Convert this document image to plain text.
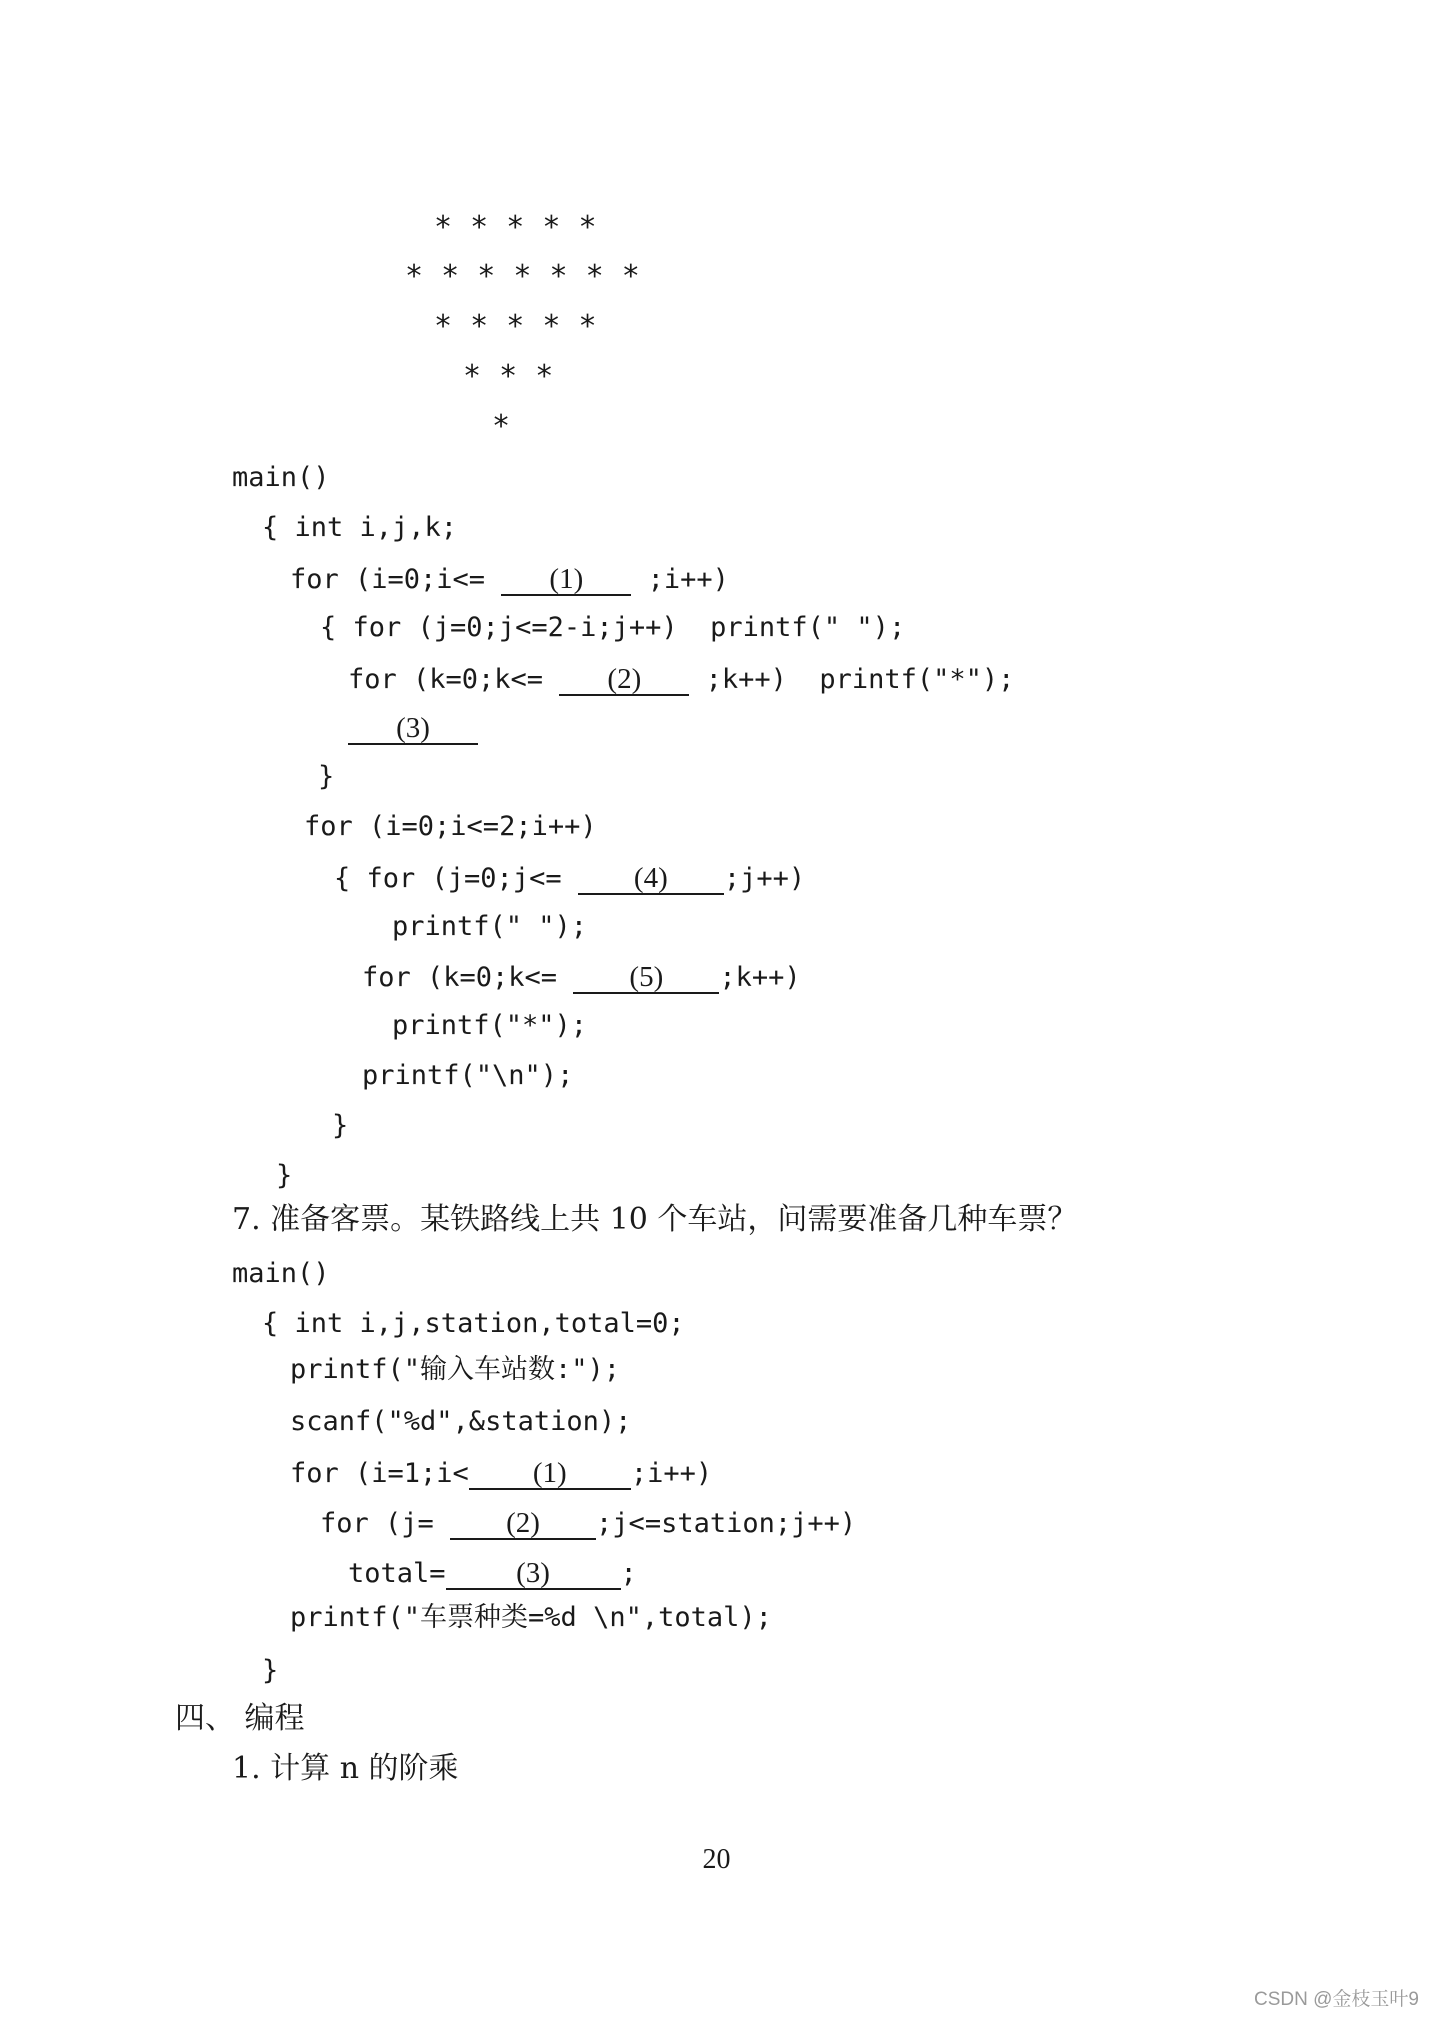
* * * * *
* * * * * * *
* * * * *
* * *
*
main()
{ int i,j,k;
for (i=0;i<= (1) ;i++)
{ for (j=0;j<=2-i;j++)  printf(" ");
for (k=0;k<= (2) ;k++)  printf("*");
(3)
}
for (i=0;i<=2;i++)
{ for (j=0;j<= (4) ;j++)
printf(" ");
for (k=0;k<= (5) ;k++)
printf("*");
printf("\n");
}
}
7. 准备客票。某铁路线上共 10 个车站，问需要准备几种车票？
main()
{ int i,j,station,total=0;
printf("输入车站数:");
scanf("%d",&station);
for (i=1;i< (1) ;i++)
for (j= (2) ;j<=station;j++)
total= (3)	;
printf("车票种类=%d \n",total);
}
四、 编程
1. 计算 n 的阶乘
20
CSDN @金枝玉叶9
